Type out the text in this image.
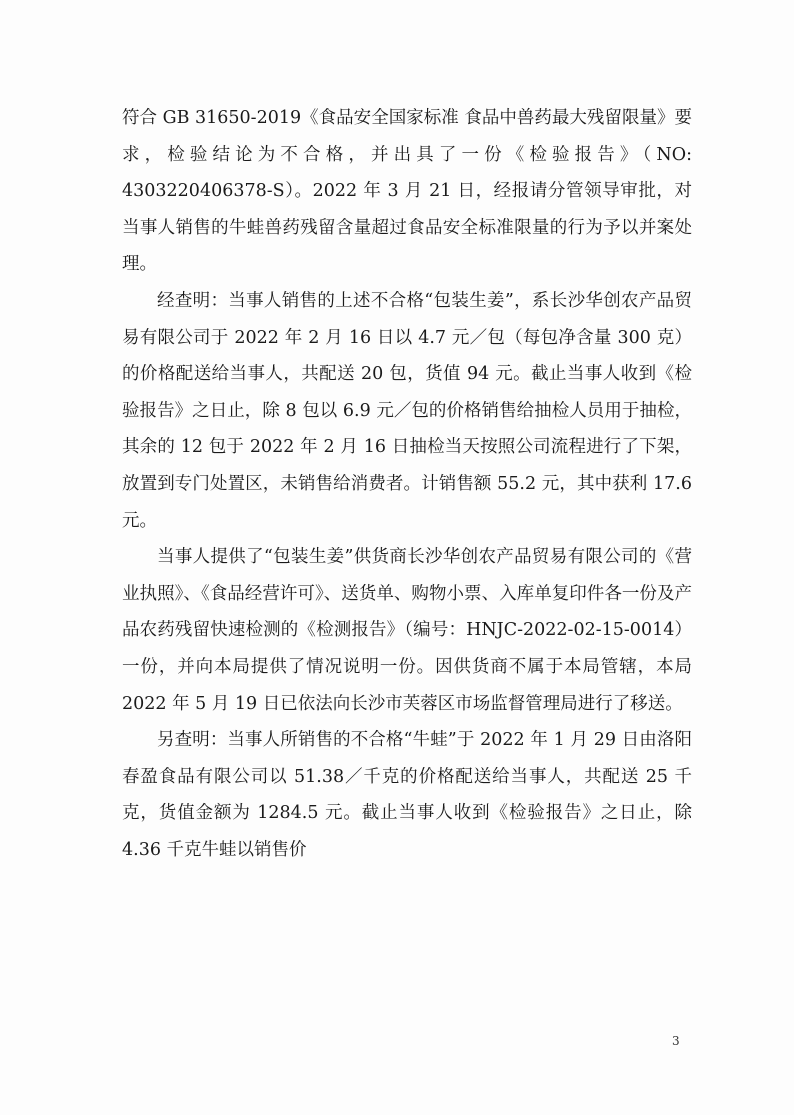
符合 GB 31650-2019《食品安全国家标准 食品中兽药最大残留限量》要求，检验结论为不合格，并出具了一份《检验报告》（NO: 4303220406378-S）。2022 年 3 月 21 日，经报请分管领导审批，对当事人销售的牛蛙兽药残留含量超过食品安全标准限量的行为予以并案处理。

经查明：当事人销售的上述不合格“包装生姜”，系长沙华创农产品贸易有限公司于 2022 年 2 月 16 日以 4.7 元／包（每包净含量 300 克）的价格配送给当事人，共配送 20 包，货值 94 元。截止当事人收到《检验报告》之日止，除 8 包以 6.9 元／包的价格销售给抽检人员用于抽检，其余的 12 包于 2022 年 2 月 16 日抽检当天按照公司流程进行了下架，放置到专门处置区，未销售给消费者。计销售额 55.2 元，其中获利 17.6 元。

当事人提供了“包装生姜”供货商长沙华创农产品贸易有限公司的《营业执照》、《食品经营许可》、送货单、购物小票、入库单复印件各一份及产品农药残留快速检测的《检测报告》（编号：HNJC-2022-02-15-0014）一份，并向本局提供了情况说明一份。因供货商不属于本局管辖，本局 2022 年 5 月 19 日已依法向长沙市芙蓉区市场监督管理局进行了移送。

另查明：当事人所销售的不合格“牛蛙”于 2022 年 1 月 29 日由洛阳春盈食品有限公司以 51.38／千克的价格配送给当事人，共配送 25 千克，货值金额为 1284.5 元。截止当事人收到《检验报告》之日止，除 4.36 千克牛蛙以销售价

3
